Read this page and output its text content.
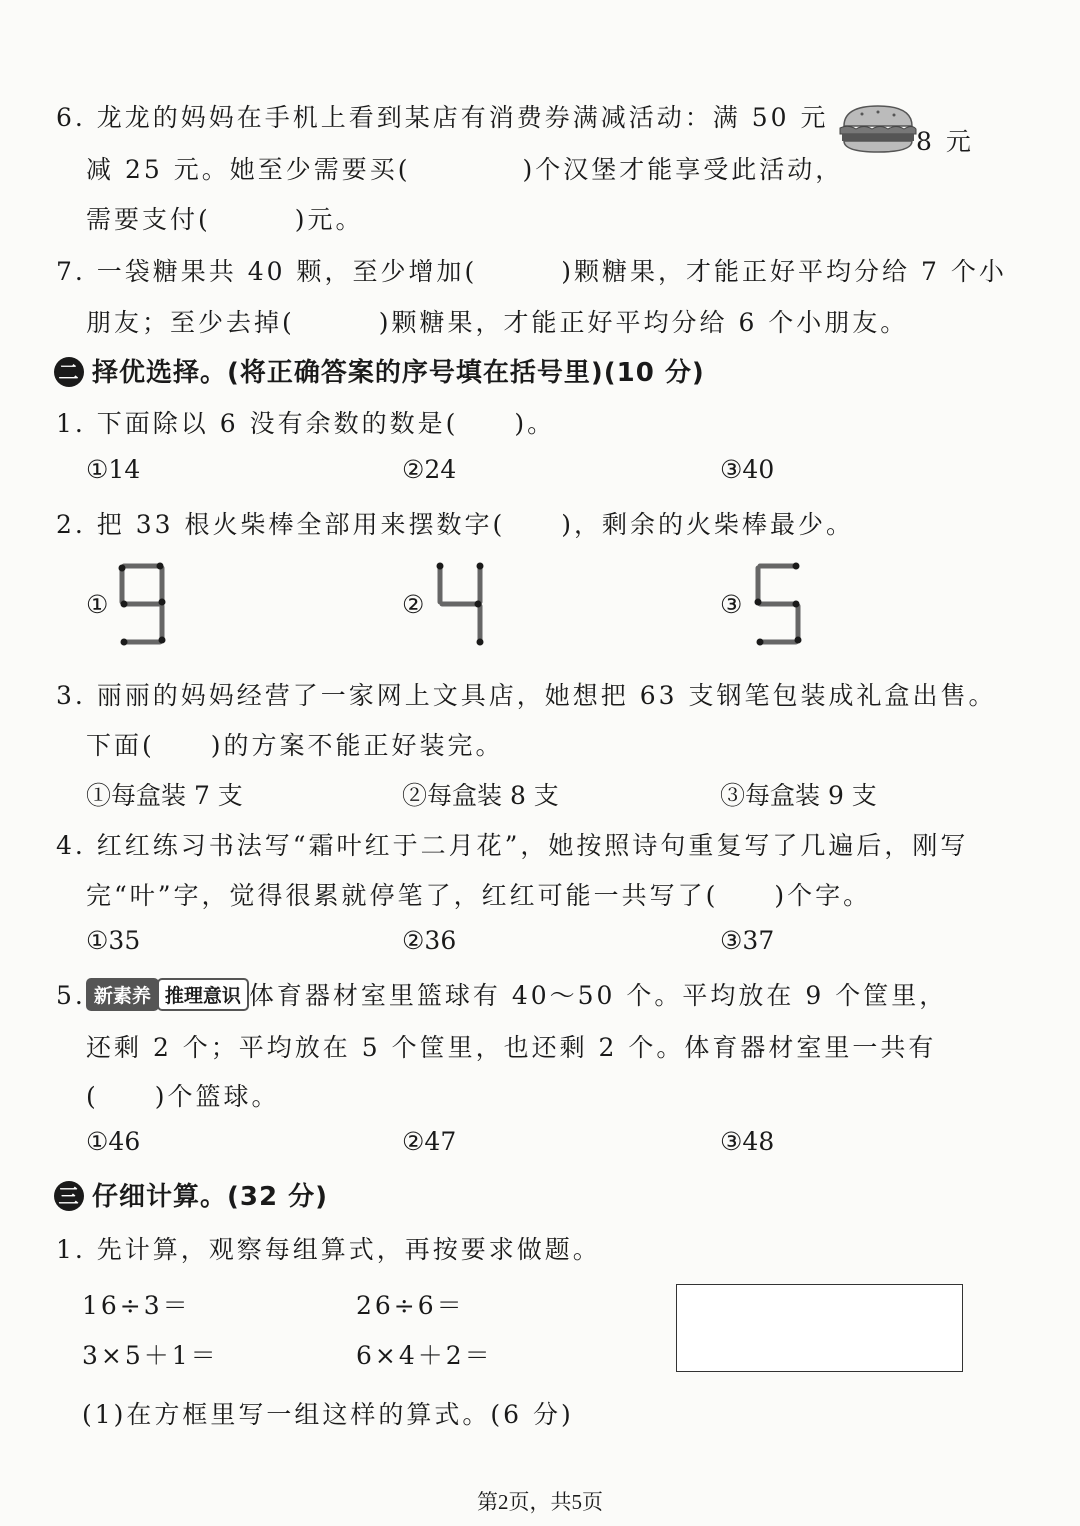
6. 龙龙的妈妈在手机上看到某店有消费券满减活动：满 50 元
减 25 元。她至少需要买(　　　　)个汉堡才能享受此活动，
需要支付(　　　)元。
8 元
7. 一袋糖果共 40 颗，至少增加(　　　)颗糖果，才能正好平均分给 7 个小
朋友；至少去掉(　　　)颗糖果，才能正好平均分给 6 个小朋友。
二 择优选择。(将正确答案的序号填在括号里)(10 分)
1. 下面除以 6 没有余数的数是(　　)。
①14	②24	③40
2. 把 33 根火柴棒全部用来摆数字(　　)，剩余的火柴棒最少。
①	②	③
3. 丽丽的妈妈经营了一家网上文具店，她想把 63 支钢笔包装成礼盒出售。
下面(　　)的方案不能正好装完。
①每盒装 7 支	②每盒装 8 支	③每盒装 9 支
4. 红红练习书法写“霜叶红于二月花”，她按照诗句重复写了几遍后，刚写
完“叶”字，觉得很累就停笔了，红红可能一共写了(　　)个字。
①35	②36	③37
5. 新素养 推理意识 体育器材室里篮球有 40～50 个。平均放在 9 个筐里，
还剩 2 个；平均放在 5 个筐里，也还剩 2 个。体育器材室里一共有
(　　)个篮球。
①46	②47	③48
三 仔细计算。(32 分)
1. 先计算，观察每组算式，再按要求做题。
16÷3＝	26÷6＝
3×5＋1＝	6×4＋2＝
(1)在方框里写一组这样的算式。(6 分)
第2页，共5页
